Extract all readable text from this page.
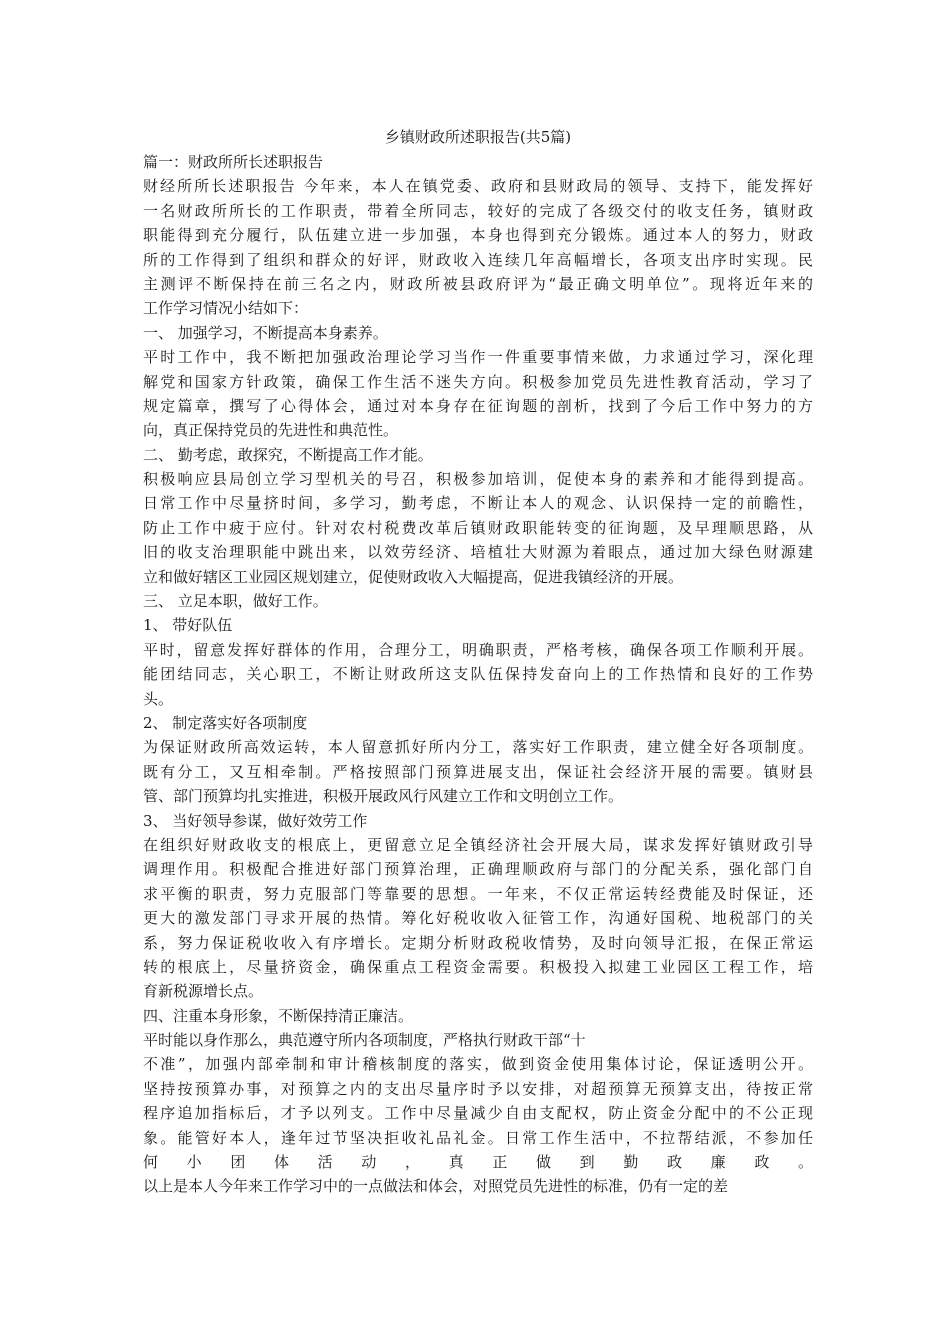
乡镇财政所述职报告(共5篇)
篇一：财政所所长述职报告
财经所所长述职报告 今年来，本人在镇党委、政府和县财政局的领导、支持下，能发挥好
一名财政所所长的工作职责，带着全所同志，较好的完成了各级交付的收支任务，镇财政
职能得到充分履行，队伍建立进一步加强，本身也得到充分锻炼。通过本人的努力，财政
所的工作得到了组织和群众的好评，财政收入连续几年高幅增长，各项支出序时实现。民
主测评不断保持在前三名之内，财政所被县政府评为“最正确文明单位”。现将近年来的
工作学习情况小结如下：
一、 加强学习，不断提高本身素养。
平时工作中，我不断把加强政治理论学习当作一件重要事情来做，力求通过学习，深化理
解党和国家方针政策，确保工作生活不迷失方向。积极参加党员先进性教育活动，学习了
规定篇章，撰写了心得体会，通过对本身存在征询题的剖析，找到了今后工作中努力的方
向，真正保持党员的先进性和典范性。
二、 勤考虑，敢探究，不断提高工作才能。
积极响应县局创立学习型机关的号召，积极参加培训，促使本身的素养和才能得到提高。
日常工作中尽量挤时间，多学习，勤考虑，不断让本人的观念、认识保持一定的前瞻性，
防止工作中疲于应付。针对农村税费改革后镇财政职能转变的征询题，及早理顺思路，从
旧的收支治理职能中跳出来，以效劳经济、培植壮大财源为着眼点，通过加大绿色财源建
立和做好辖区工业园区规划建立，促使财政收入大幅提高，促进我镇经济的开展。
三、 立足本职，做好工作。
1、 带好队伍
平时，留意发挥好群体的作用，合理分工，明确职责，严格考核，确保各项工作顺利开展。
能团结同志，关心职工，不断让财政所这支队伍保持发奋向上的工作热情和良好的工作势
头。
2、 制定落实好各项制度
为保证财政所高效运转，本人留意抓好所内分工，落实好工作职责，建立健全好各项制度。
既有分工，又互相牵制。严格按照部门预算进展支出，保证社会经济开展的需要。镇财县
管、部门预算均扎实推进，积极开展政风行风建立工作和文明创立工作。
3、 当好领导参谋，做好效劳工作
在组织好财政收支的根底上，更留意立足全镇经济社会开展大局，谋求发挥好镇财政引导
调理作用。积极配合推进好部门预算治理，正确理顺政府与部门的分配关系，强化部门自
求平衡的职责，努力克服部门等靠要的思想。一年来，不仅正常运转经费能及时保证，还
更大的激发部门寻求开展的热情。筹化好税收收入征管工作，沟通好国税、地税部门的关
系，努力保证税收收入有序增长。定期分析财政税收情势，及时向领导汇报，在保正常运
转的根底上，尽量挤资金，确保重点工程资金需要。积极投入拟建工业园区工程工作，培
育新税源增长点。
四、注重本身形象，不断保持清正廉洁。
平时能以身作那么，典范遵守所内各项制度，严格执行财政干部“十
不准”，加强内部牵制和审计稽核制度的落实，做到资金使用集体讨论，保证透明公开。
坚持按预算办事，对预算之内的支出尽量序时予以安排，对超预算无预算支出，待按正常
程序追加指标后，才予以列支。工作中尽量减少自由支配权，防止资金分配中的不公正现
象。能管好本人，逢年过节坚决拒收礼品礼金。日常工作生活中，不拉帮结派，不参加任
何小团体活动，真正做到勤政廉政。
以上是本人今年来工作学习中的一点做法和体会，对照党员先进性的标准，仍有一定的差
